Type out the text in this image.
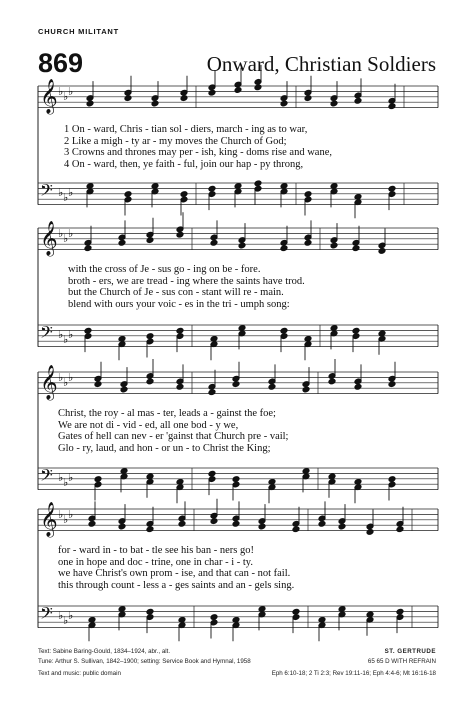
CHURCH MILITANT
869	Onward, Christian Soldiers
𝄞 ♭ ♭ ♭
𝄢 ♭ ♭ ♭
𝄞 ♭ ♭ ♭
𝄢 ♭ ♭ ♭
𝄞 ♭ ♭ ♭
𝄢 ♭ ♭ ♭
𝄞 ♭ ♭ ♭
𝄢 ♭ ♭ ♭
1 On - ward, Chris - tian sol - diers, march - ing as to war,
2 Like a migh - ty ar - my moves the Church of God;
3 Crowns and thrones may per - ish, king - doms rise and wane,
4 On - ward, then, ye faith - ful, join our hap - py throng,
with the cross of Je - sus go - ing on be - fore.
broth - ers, we are tread - ing where the saints have trod.
but the Church of Je - sus con - stant will re - main.
blend with ours your voic - es in the tri - umph song:
Christ, the roy - al mas - ter, leads a - gainst the foe;
We are not di - vid - ed, all one bod - y we,
Gates of hell can nev - er 'gainst that Church pre - vail;
Glo - ry, laud, and hon - or un - to Christ the King;
for - ward in - to bat - tle see his ban - ners go!
one in hope and doc - trine, one in char - i - ty.
we have Christ's own prom - ise, and that can - not fail.
this through count - less a - ges saints and an - gels sing.
Text: Sabine Baring-Gould, 1834–1924, abr., alt.
Tune: Arthur S. Sullivan, 1842–1900; setting: Service Book and Hymnal, 1958
Text and music: public domain
ST. GERTRUDE
65 65 D WITH REFRAIN
Eph 6:10-18; 2 Ti 2:3; Rev 19:11-16; Eph 4:4-6; Mt 16:16-18
